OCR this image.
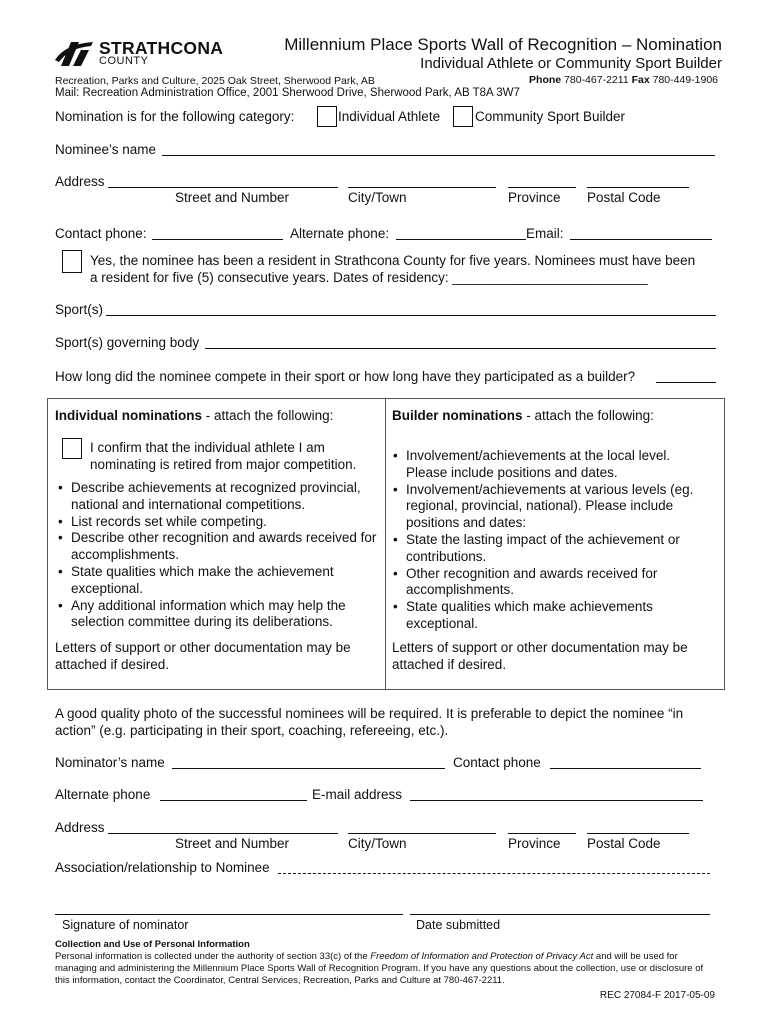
STRATHCONA
COUNTY
Millennium Place Sports Wall of Recognition – Nomination
Individual Athlete or Community Sport Builder
Recreation, Parks and Culture, 2025 Oak Street, Sherwood Park, AB	Phone 780-467-2211 Fax 780-449-1906
Mail: Recreation Administration Office, 2001 Sherwood Drive, Sherwood Park, AB T8A 3W7
Nomination is for the following category:	Individual Athlete	Community Sport Builder
Nominee’s name
Address
Street and Number	City/Town	Province Postal Code
Contact phone:	Alternate phone:	Email:
Yes, the nominee has been a resident in Strathcona County for five years. Nominees must have been
a resident for five (5) consecutive years. Dates of residency: __________________________
Sport(s)
Sport(s) governing body
How long did the nominee compete in their sport or how long have they participated as a builder?
Individual nominations - attach the following:
I confirm that the individual athlete I am
nominating is retired from major competition.
• Describe achievements at recognized provincial, national and international competitions.
• List records set while competing.
• Describe other recognition and awards received for accomplishments.
• State qualities which make the achievement exceptional.
• Any additional information which may help the selection committee during its deliberations.
Letters of support or other documentation may be attached if desired.
Builder nominations - attach the following:
• Involvement/achievements at the local level. Please include positions and dates.
• Involvement/achievements at various levels (eg. regional, provincial, national). Please include positions and dates:
• State the lasting impact of the achievement or contributions.
• Other recognition and awards received for accomplishments.
• State qualities which make achievements exceptional.
Letters of support or other documentation may be attached if desired.
A good quality photo of the successful nominees will be required. It is preferable to depict the nominee “in action” (e.g. participating in their sport, coaching, refereeing, etc.).
Nominator’s name	Contact phone
Alternate phone	E-mail address
Address
Street and Number	City/Town	Province Postal Code
Association/relationship to Nominee
Signature of nominator	Date submitted
Collection and Use of Personal Information
Personal information is collected under the authority of section 33(c) of the Freedom of Information and Protection of Privacy Act and will be used for managing and administering the Millennium Place Sports Wall of Recognition Program. If you have any questions about the collection, use or disclosure of this information, contact the Coordinator, Central Services, Recreation, Parks and Culture at 780-467-2211.
REC 27084-F 2017-05-09
